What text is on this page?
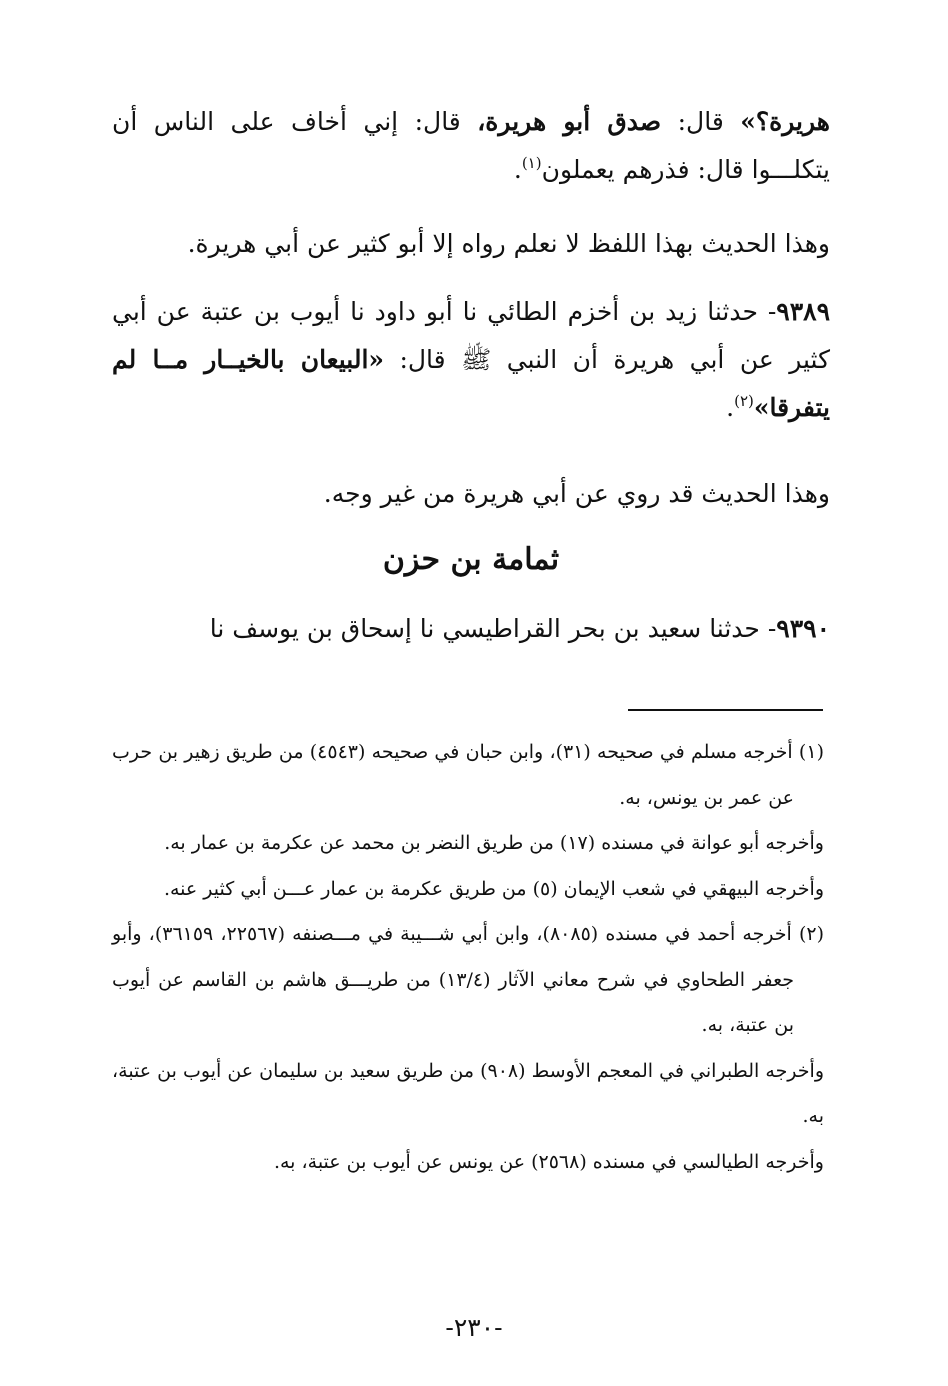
هريرة؟» قال: صدق أبو هريرة، قال: إني أخاف على الناس أن يتكلـــوا قال: فذرهم يعملون$^{(١)}$.

وهذا الحديث بهذا اللفظ لا نعلم رواه إلا أبو كثير عن أبي هريرة.

٩٣٨٩- حدثنا زيد بن أخزم الطائي نا أبو داود نا أيوب بن عتبة عن أبي كثير عن أبي هريرة أن النبي ﷺ قال: «البيعان بالخيــار مــا لم يتفرقا»$^{(٢)}$.

وهذا الحديث قد روي عن أبي هريرة من غير وجه.

ثمامة بن حزن

٩٣٩٠- حدثنا سعيد بن بحر القراطيسي نا إسحاق بن يوسف نا

(١) أخرجه مسلم في صحيحه (٣١)، وابن حبان في صحيحه (٤٥٤٣) من طريق زهير بن حرب عن عمر بن يونس، به.

وأخرجه أبو عوانة في مسنده (١٧) من طريق النضر بن محمد عن عكرمة بن عمار به.

وأخرجه البيهقي في شعب الإيمان (٥) من طريق عكرمة بن عمار عـــن أبي كثير عنه.

(٢) أخرجه أحمد في مسنده (٨٠٨٥)، وابن أبي شـــيبة في مـــصنفه (٢٢٥٦٧، ٣٦١٥٩)، وأبو جعفر الطحاوي في شرح معاني الآثار (١٣/٤) من طريـــق هاشم بن القاسم عن أيوب بن عتبة، به.

وأخرجه الطبراني في المعجم الأوسط (٩٠٨) من طريق سعيد بن سليمان عن أيوب بن عتبة، به.

وأخرجه الطيالسي في مسنده (٢٥٦٨) عن يونس عن أيوب بن عتبة، به.

-٢٣٠-
